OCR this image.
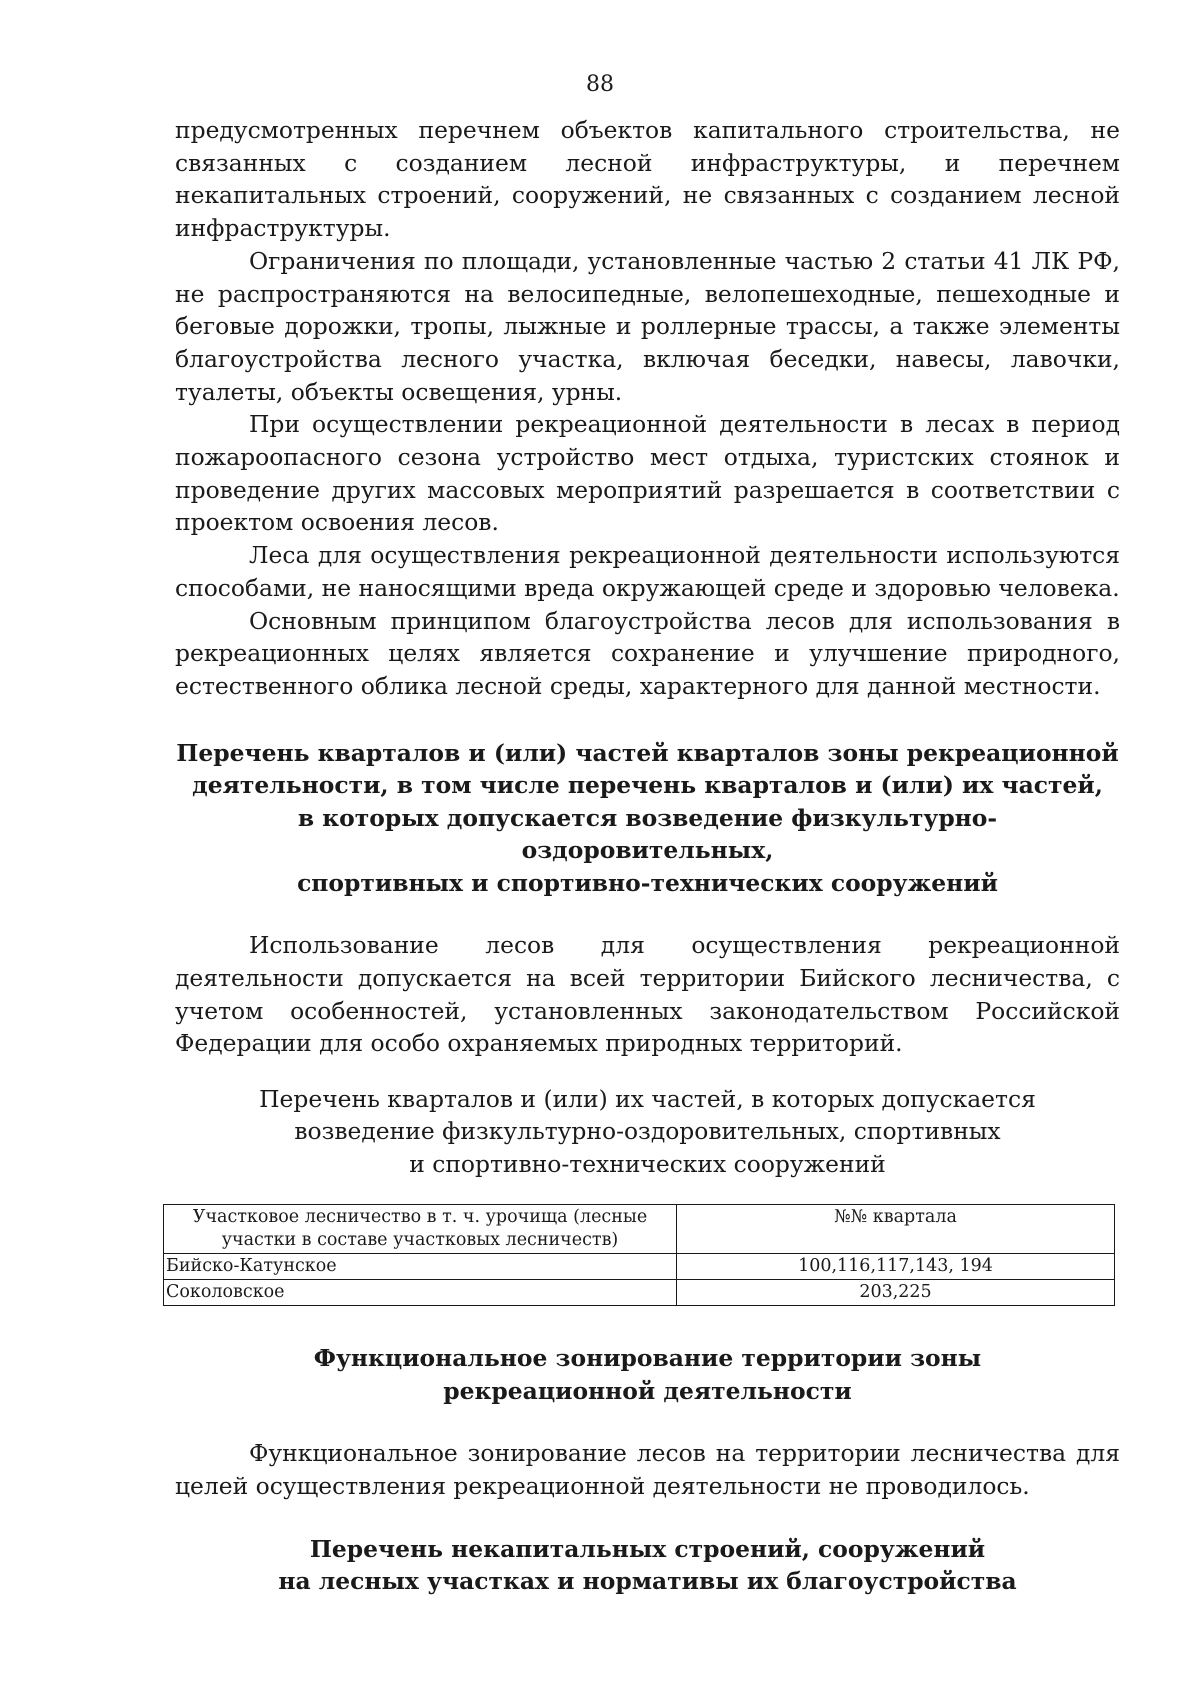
88

предусмотренных перечнем объектов капитального строительства, не связанных с созданием лесной инфраструктуры, и перечнем некапитальных строений, сооружений, не связанных с созданием лесной инфраструктуры.

Ограничения по площади, установленные частью 2 статьи 41 ЛК РФ, не распространяются на велосипедные, велопешеходные, пешеходные и беговые дорожки, тропы, лыжные и роллерные трассы, а также элементы благоустройства лесного участка, включая беседки, навесы, лавочки, туалеты, объекты освещения, урны.

При осуществлении рекреационной деятельности в лесах в период пожароопасного сезона устройство мест отдыха, туристских стоянок и проведение других массовых мероприятий разрешается в соответствии с проектом освоения лесов.

Леса для осуществления рекреационной деятельности используются способами, не наносящими вреда окружающей среде и здоровью человека.

Основным принципом благоустройства лесов для использования в рекреационных целях является сохранение и улучшение природного, естественного облика лесной среды, характерного для данной местности.

Перечень кварталов и (или) частей кварталов зоны рекреационной
деятельности, в том числе перечень кварталов и (или) их частей,
в которых допускается возведение физкультурно-оздоровительных,
спортивных и спортивно-технических сооружений

Использование лесов для осуществления рекреационной деятельности допускается на всей территории Бийского лесничества, с учетом особенностей, установленных законодательством Российской Федерации для особо охраняемых природных территорий.

Перечень кварталов и (или) их частей, в которых допускается
возведение физкультурно-оздоровительных, спортивных
и спортивно-технических сооружений
Участковое лесничество в т. ч. урочища (лесные участки в составе участковых лесничеств)	№№ квартала
Бийско-Катунское	100,116,117,143, 194
Соколовское	203,225
Функциональное зонирование территории зоны
рекреационной деятельности

Функциональное зонирование лесов на территории лесничества для целей осуществления рекреационной деятельности не проводилось.

Перечень некапитальных строений, сооружений
на лесных участках и нормативы их благоустройства
